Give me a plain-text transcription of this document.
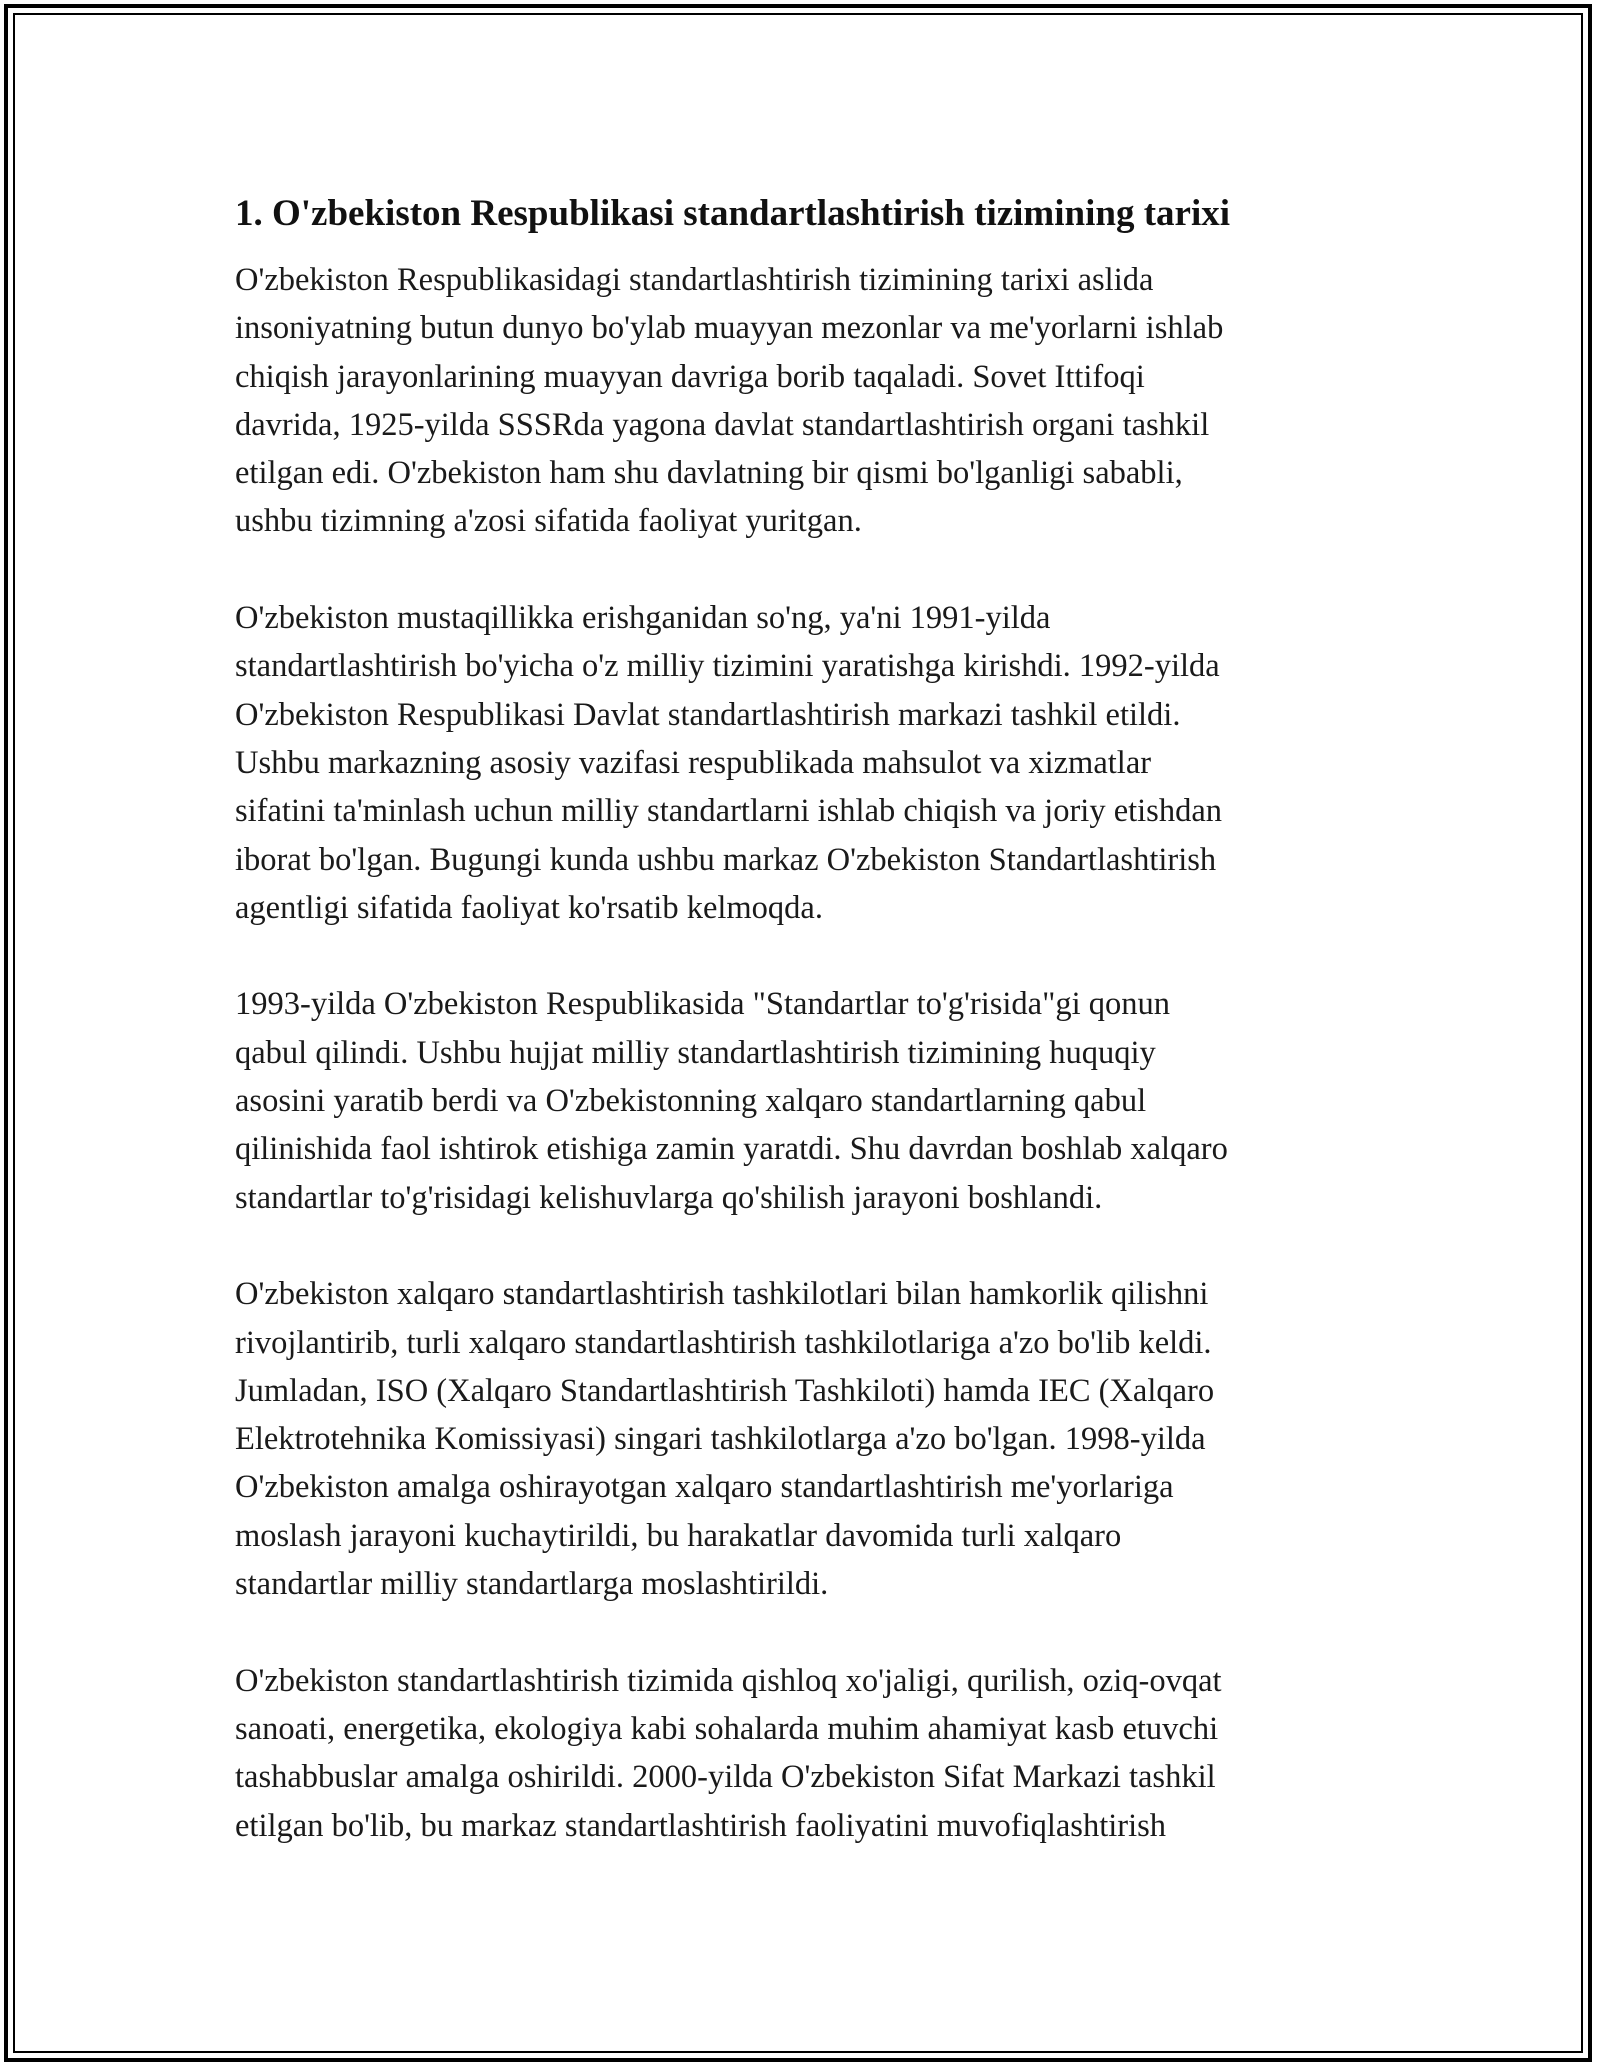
1. O'zbekiston Respublikasi standartlashtirish tizimining tarixi
O'zbekiston Respublikasidagi standartlashtirish tizimining tarixi aslida
insoniyatning butun dunyo bo'ylab muayyan mezonlar va me'yorlarni ishlab
chiqish jarayonlarining muayyan davriga borib taqaladi. Sovet Ittifoqi
davrida, 1925-yilda SSSRda yagona davlat standartlashtirish organi tashkil
etilgan edi. O'zbekiston ham shu davlatning bir qismi bo'lganligi sababli,
ushbu tizimning a'zosi sifatida faoliyat yuritgan.
O'zbekiston mustaqillikka erishganidan so'ng, ya'ni 1991-yilda
standartlashtirish bo'yicha o'z milliy tizimini yaratishga kirishdi. 1992-yilda
O'zbekiston Respublikasi Davlat standartlashtirish markazi tashkil etildi.
Ushbu markazning asosiy vazifasi respublikada mahsulot va xizmatlar
sifatini ta'minlash uchun milliy standartlarni ishlab chiqish va joriy etishdan
iborat bo'lgan. Bugungi kunda ushbu markaz O'zbekiston Standartlashtirish
agentligi sifatida faoliyat ko'rsatib kelmoqda.
1993-yilda O'zbekiston Respublikasida "Standartlar to'g'risida"gi qonun
qabul qilindi. Ushbu hujjat milliy standartlashtirish tizimining huquqiy
asosini yaratib berdi va O'zbekistonning xalqaro standartlarning qabul
qilinishida faol ishtirok etishiga zamin yaratdi. Shu davrdan boshlab xalqaro
standartlar to'g'risidagi kelishuvlarga qo'shilish jarayoni boshlandi.
O'zbekiston xalqaro standartlashtirish tashkilotlari bilan hamkorlik qilishni
rivojlantirib, turli xalqaro standartlashtirish tashkilotlariga a'zo bo'lib keldi.
Jumladan, ISO (Xalqaro Standartlashtirish Tashkiloti) hamda IEC (Xalqaro
Elektrotehnika Komissiyasi) singari tashkilotlarga a'zo bo'lgan. 1998-yilda
O'zbekiston amalga oshirayotgan xalqaro standartlashtirish me'yorlariga
moslash jarayoni kuchaytirildi, bu harakatlar davomida turli xalqaro
standartlar milliy standartlarga moslashtirildi.
O'zbekiston standartlashtirish tizimida qishloq xo'jaligi, qurilish, oziq-ovqat
sanoati, energetika, ekologiya kabi sohalarda muhim ahamiyat kasb etuvchi
tashabbuslar amalga oshirildi. 2000-yilda O'zbekiston Sifat Markazi tashkil
etilgan bo'lib, bu markaz standartlashtirish faoliyatini muvofiqlashtirish
